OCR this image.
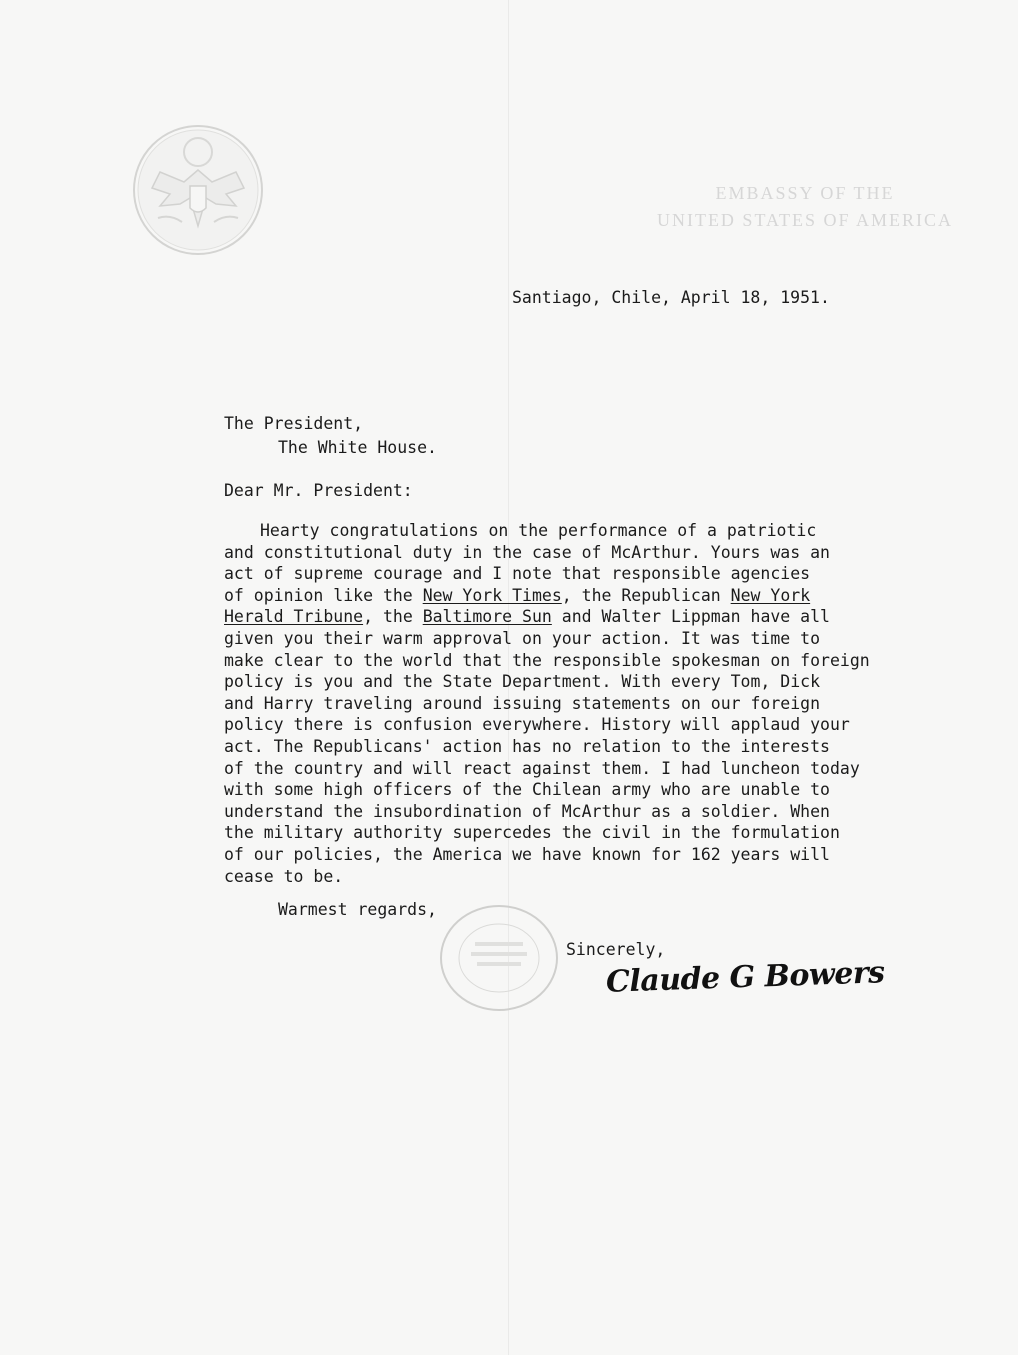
EMBASSY OF THE
UNITED STATES OF AMERICA
Santiago, Chile, April 18, 1951.
The President,
The White House.
Dear Mr. President:
Hearty congratulations on the performance of a patriotic
and constitutional duty in the case of McArthur. Yours was an
act of supreme courage and I note that responsible agencies
of opinion like the New York Times, the Republican New York
Herald Tribune, the Baltimore Sun and Walter Lippman have all
given you their warm approval on your action. It was time to
make clear to the world that the responsible spokesman on foreign
policy is you and the State Department. With every Tom, Dick
and Harry traveling around issuing statements on our foreign
policy there is confusion everywhere. History will applaud your
act. The Republicans' action has no relation to the interests
of the country and will react against them. I had luncheon today
with some high officers of the Chilean army who are unable to
understand the insubordination of McArthur as a soldier. When
the military authority supercedes the civil in the formulation
of our policies, the America we have known for 162 years will
cease to be.
Warmest regards,
Sincerely,
Claude G Bowers
